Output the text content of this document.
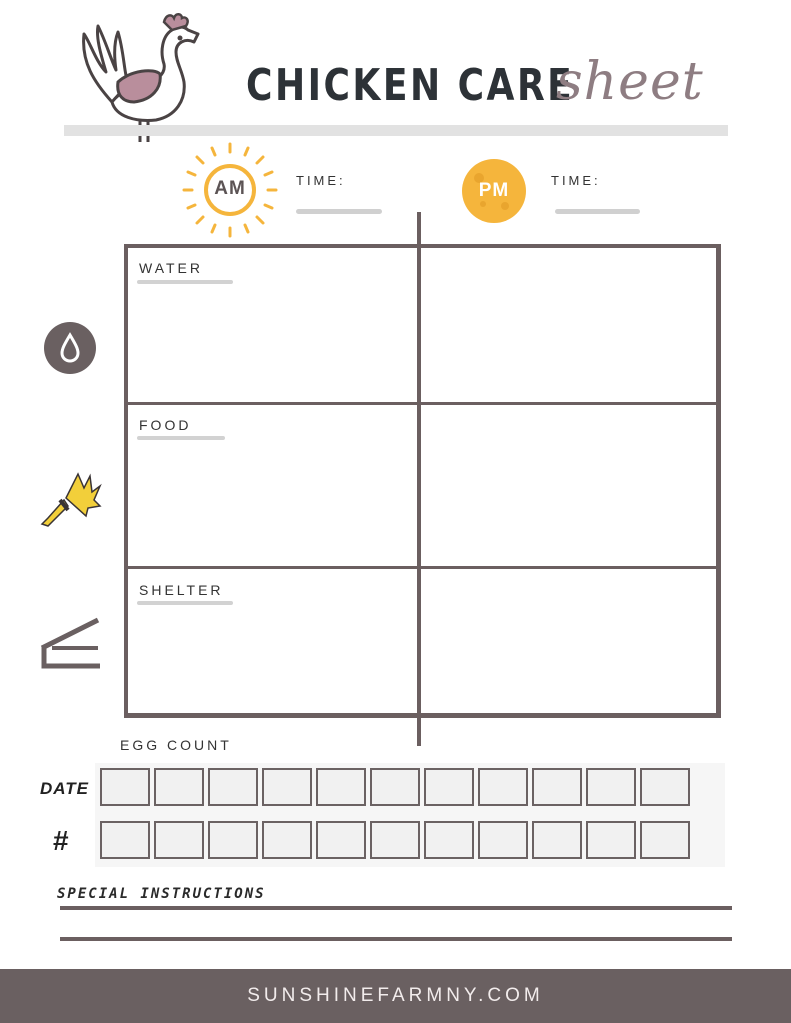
CHICKEN CARE
sheet
AM	TIME:	PM	TIME:
WATER
FOOD
SHELTER
EGG COUNT
DATE
#
SPECIAL INSTRUCTIONS
SUNSHINEFARMNY.COM
